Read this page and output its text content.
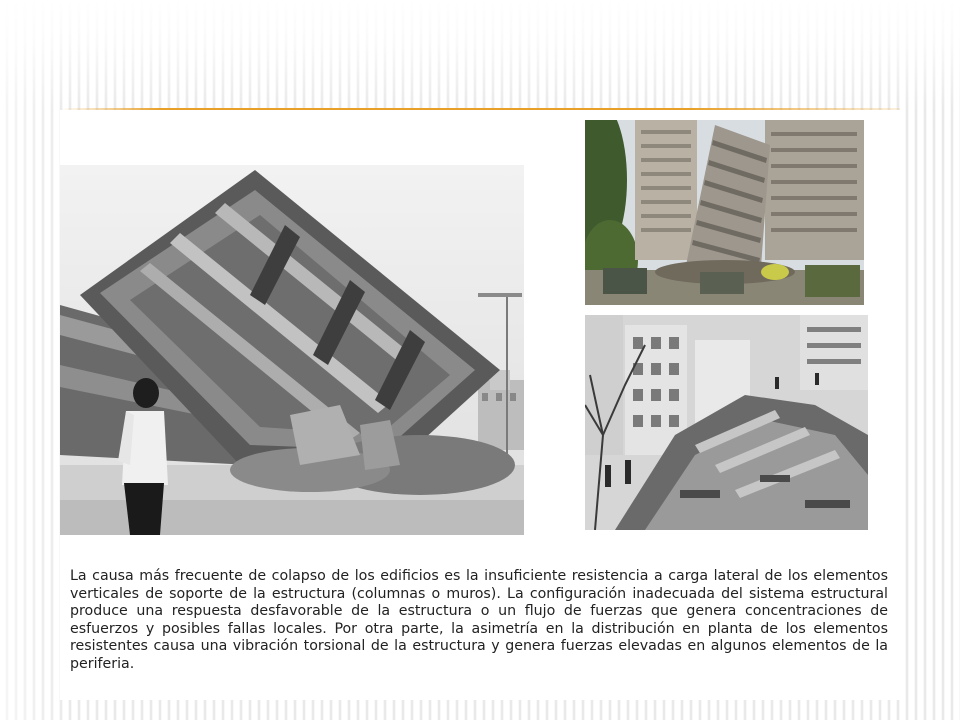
La causa más frecuente de colapso de los edificios es la insuficiente resistencia a carga lateral de los elementos verticales de soporte de la estructura (columnas o muros). La configuración inadecuada del sistema estructural produce una respuesta desfavorable de la estructura o un flujo de fuerzas que genera concentraciones de esfuerzos y posibles fallas locales. Por otra parte, la asimetría en la distribución en planta de los elementos resistentes causa una vibración torsional de la estructura y genera fuerzas elevadas en algunos elementos de la periferia.
